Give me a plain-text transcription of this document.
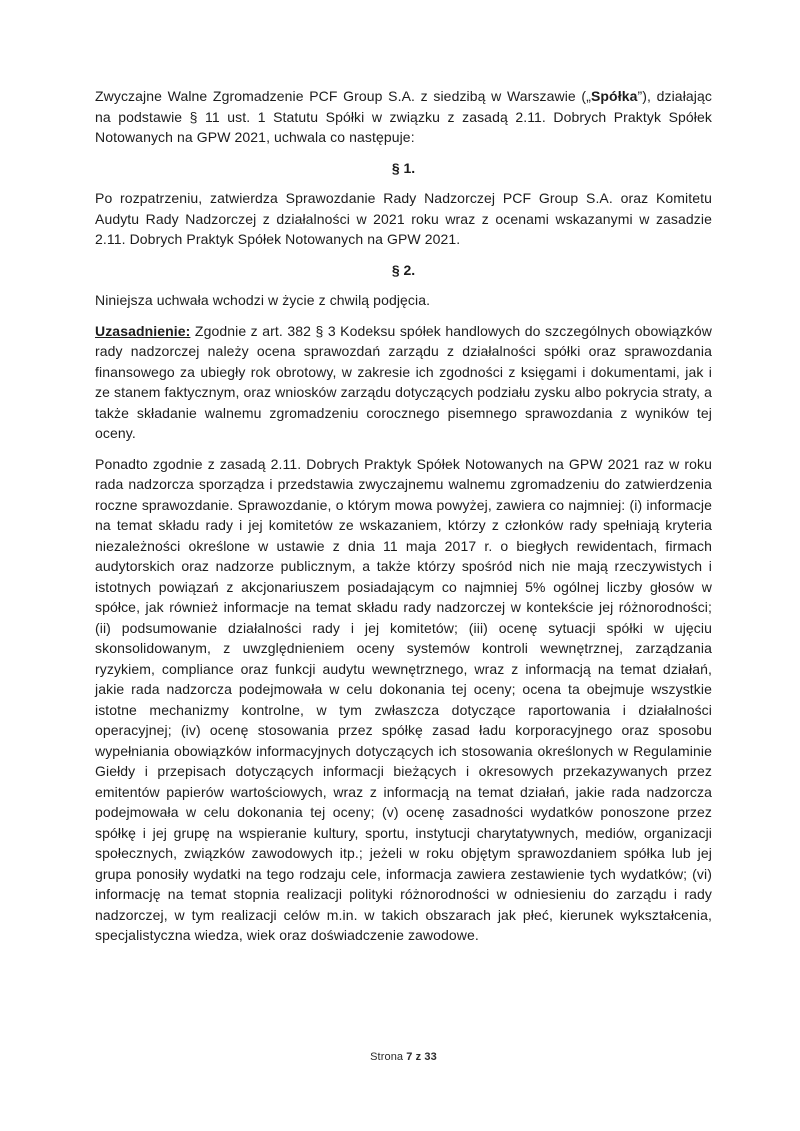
Zwyczajne Walne Zgromadzenie PCF Group S.A. z siedzibą w Warszawie („Spółka”), działając na podstawie § 11 ust. 1 Statutu Spółki w związku z zasadą 2.11. Dobrych Praktyk Spółek Notowanych na GPW 2021, uchwala co następuje:

§ 1.

Po rozpatrzeniu, zatwierdza Sprawozdanie Rady Nadzorczej PCF Group S.A. oraz Komitetu Audytu Rady Nadzorczej z działalności w 2021 roku wraz z ocenami wskazanymi w zasadzie 2.11. Dobrych Praktyk Spółek Notowanych na GPW 2021.

§ 2.

Niniejsza uchwała wchodzi w życie z chwilą podjęcia.

Uzasadnienie: Zgodnie z art. 382 § 3 Kodeksu spółek handlowych do szczególnych obowiązków rady nadzorczej należy ocena sprawozdań zarządu z działalności spółki oraz sprawozdania finansowego za ubiegły rok obrotowy, w zakresie ich zgodności z księgami i dokumentami, jak i ze stanem faktycznym, oraz wniosków zarządu dotyczących podziału zysku albo pokrycia straty, a także składanie walnemu zgromadzeniu corocznego pisemnego sprawozdania z wyników tej oceny.

Ponadto zgodnie z zasadą 2.11. Dobrych Praktyk Spółek Notowanych na GPW 2021 raz w roku rada nadzorcza sporządza i przedstawia zwyczajnemu walnemu zgromadzeniu do zatwierdzenia roczne sprawozdanie. Sprawozdanie, o którym mowa powyżej, zawiera co najmniej: (i) informacje na temat składu rady i jej komitetów ze wskazaniem, którzy z członków rady spełniają kryteria niezależności określone w ustawie z dnia 11 maja 2017 r. o biegłych rewidentach, firmach audytorskich oraz nadzorze publicznym, a także którzy spośród nich nie mają rzeczywistych i istotnych powiązań z akcjonariuszem posiadającym co najmniej 5% ogólnej liczby głosów w spółce, jak również informacje na temat składu rady nadzorczej w kontekście jej różnorodności; (ii) podsumowanie działalności rady i jej komitetów; (iii) ocenę sytuacji spółki w ujęciu skonsolidowanym, z uwzględnieniem oceny systemów kontroli wewnętrznej, zarządzania ryzykiem, compliance oraz funkcji audytu wewnętrznego, wraz z informacją na temat działań, jakie rada nadzorcza podejmowała w celu dokonania tej oceny; ocena ta obejmuje wszystkie istotne mechanizmy kontrolne, w tym zwłaszcza dotyczące raportowania i działalności operacyjnej; (iv) ocenę stosowania przez spółkę zasad ładu korporacyjnego oraz sposobu wypełniania obowiązków informacyjnych dotyczących ich stosowania określonych w Regulaminie Giełdy i przepisach dotyczących informacji bieżących i okresowych przekazywanych przez emitentów papierów wartościowych, wraz z informacją na temat działań, jakie rada nadzorcza podejmowała w celu dokonania tej oceny; (v) ocenę zasadności wydatków ponoszone przez spółkę i jej grupę na wspieranie kultury, sportu, instytucji charytatywnych, mediów, organizacji społecznych, związków zawodowych itp.; jeżeli w roku objętym sprawozdaniem spółka lub jej grupa ponosiły wydatki na tego rodzaju cele, informacja zawiera zestawienie tych wydatków; (vi) informację na temat stopnia realizacji polityki różnorodności w odniesieniu do zarządu i rady nadzorczej, w tym realizacji celów m.in. w takich obszarach jak płeć, kierunek wykształcenia, specjalistyczna wiedza, wiek oraz doświadczenie zawodowe.

Strona 7 z 33
